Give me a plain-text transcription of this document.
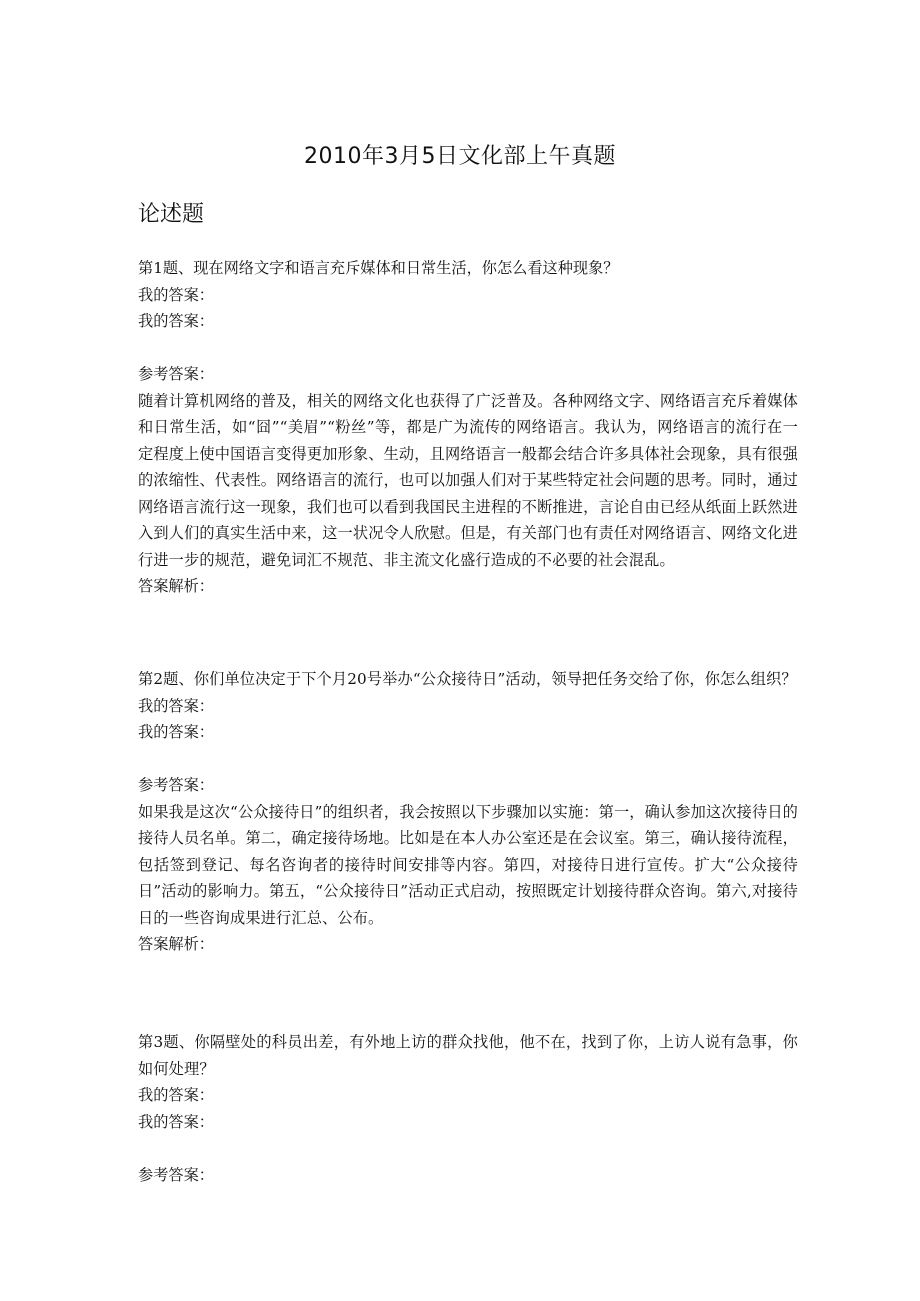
2010年3月5日文化部上午真题
论述题
第1题、现在网络文字和语言充斥媒体和日常生活，你怎么看这种现象？
我的答案：
我的答案：
参考答案：
随着计算机网络的普及，相关的网络文化也获得了广泛普及。各种网络文字、网络语言充斥着媒体和日常生活，如“囧”“美眉”“粉丝”等，都是广为流传的网络语言。我认为，网络语言的流行在一定程度上使中国语言变得更加形象、生动，且网络语言一般都会结合许多具体社会现象，具有很强的浓缩性、代表性。网络语言的流行，也可以加强人们对于某些特定社会问题的思考。同时，通过网络语言流行这一现象，我们也可以看到我国民主进程的不断推进，言论自由已经从纸面上跃然进入到人们的真实生活中来，这一状况令人欣慰。但是，有关部门也有责任对网络语言、网络文化进行进一步的规范，避免词汇不规范、非主流文化盛行造成的不必要的社会混乱。
答案解析：
第2题、你们单位决定于下个月20号举办“公众接待日”活动，领导把任务交给了你，你怎么组织？
我的答案：
我的答案：
参考答案：
如果我是这次“公众接待日”的组织者，我会按照以下步骤加以实施：第一，确认参加这次接待日的接待人员名单。第二，确定接待场地。比如是在本人办公室还是在会议室。第三，确认接待流程，包括签到登记、每名咨询者的接待时间安排等内容。第四，对接待日进行宣传。扩大“公众接待日”活动的影响力。第五，“公众接待日”活动正式启动，按照既定计划接待群众咨询。第六,对接待日的一些咨询成果进行汇总、公布。
答案解析：
第3题、你隔壁处的科员出差，有外地上访的群众找他，他不在，找到了你，上访人说有急事，你如何处理？
我的答案：
我的答案：
参考答案：
